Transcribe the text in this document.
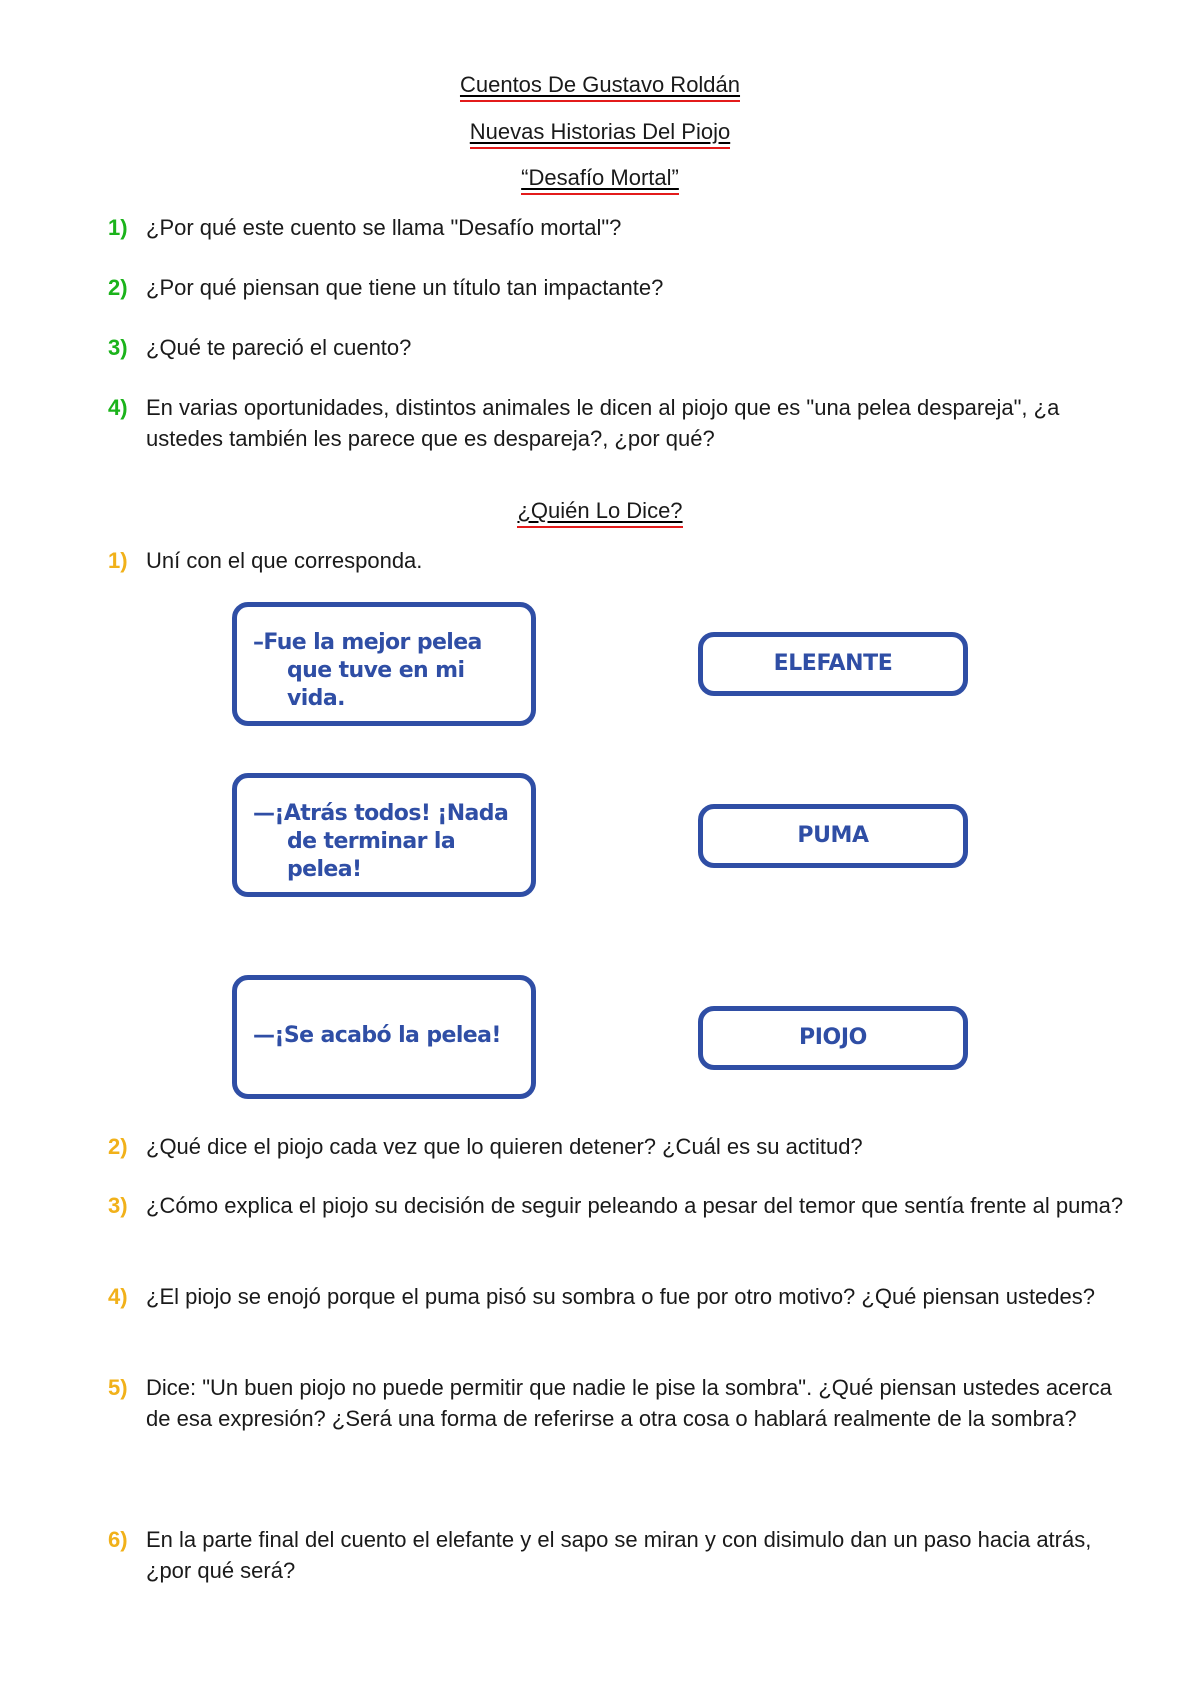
Cuentos De Gustavo Roldán
Nuevas Historias Del Piojo
“Desafío Mortal”
1) ¿Por qué este cuento se llama "Desafío mortal"?
2) ¿Por qué piensan que tiene un título tan impactante?
3) ¿Qué te pareció el cuento?
4) En varias oportunidades, distintos animales le dicen al piojo que es "una pelea despareja", ¿a ustedes también les parece que es despareja?, ¿por qué?
¿Quién Lo Dice?
1) Uní con el que corresponda.
–Fue la mejor pelea
que tuve en mi vida.
—¡Atrás todos! ¡Nada
de terminar la pelea!
—¡Se acabó la pelea!
ELEFANTE
PUMA
PIOJO
2) ¿Qué dice el piojo cada vez que lo quieren detener? ¿Cuál es su actitud?
3) ¿Cómo explica el piojo su decisión de seguir peleando a pesar del temor que sentía frente al puma?
4) ¿El piojo se enojó porque el puma pisó su sombra o fue por otro motivo? ¿Qué piensan ustedes?
5) Dice: "Un buen piojo no puede permitir que nadie le pise la sombra". ¿Qué piensan ustedes acerca de esa expresión? ¿Será una forma de referirse a otra cosa o hablará realmente de la sombra?
6) En la parte final del cuento el elefante y el sapo se miran y con disimulo dan un paso hacia atrás, ¿por qué será?
